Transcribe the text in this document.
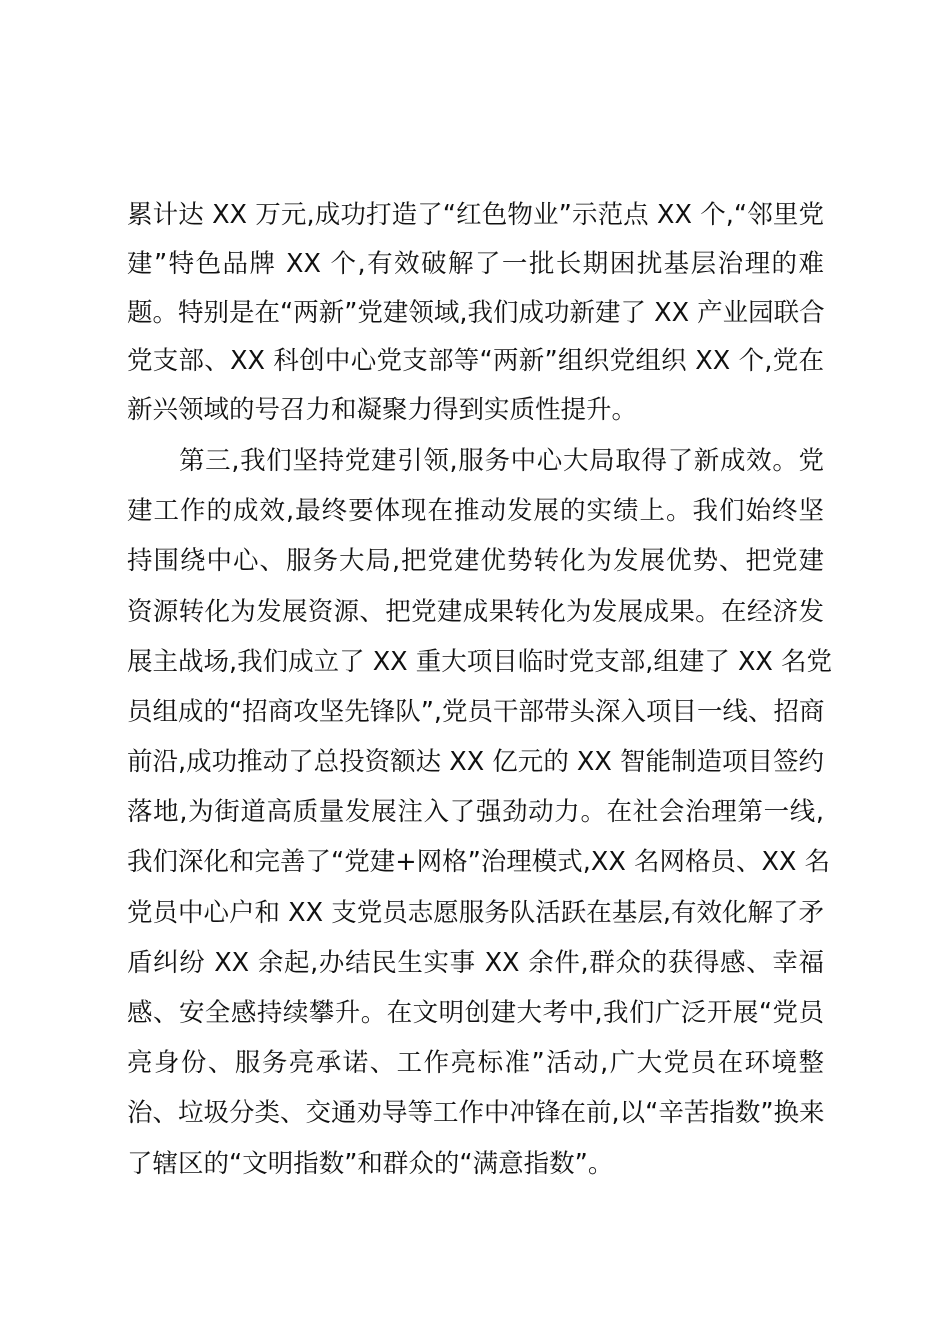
累计达 XX 万元,成功打造了“红色物业”示范点 XX 个,“邻里党
建”特色品牌 XX 个,有效破解了一批长期困扰基层治理的难
题。特别是在“两新”党建领域,我们成功新建了 XX 产业园联合
党支部、XX 科创中心党支部等“两新”组织党组织 XX 个,党在
新兴领域的号召力和凝聚力得到实质性提升。
第三,我们坚持党建引领,服务中心大局取得了新成效。党
建工作的成效,最终要体现在推动发展的实绩上。我们始终坚
持围绕中心、服务大局,把党建优势转化为发展优势、把党建
资源转化为发展资源、把党建成果转化为发展成果。在经济发
展主战场,我们成立了 XX 重大项目临时党支部,组建了 XX 名党
员组成的“招商攻坚先锋队”,党员干部带头深入项目一线、招商
前沿,成功推动了总投资额达 XX 亿元的 XX 智能制造项目签约
落地,为街道高质量发展注入了强劲动力。在社会治理第一线,
我们深化和完善了“党建+网格”治理模式,XX 名网格员、XX 名
党员中心户和 XX 支党员志愿服务队活跃在基层,有效化解了矛
盾纠纷 XX 余起,办结民生实事 XX 余件,群众的获得感、幸福
感、安全感持续攀升。在文明创建大考中,我们广泛开展“党员
亮身份、服务亮承诺、工作亮标准”活动,广大党员在环境整
治、垃圾分类、交通劝导等工作中冲锋在前,以“辛苦指数”换来
了辖区的“文明指数”和群众的“满意指数”。
